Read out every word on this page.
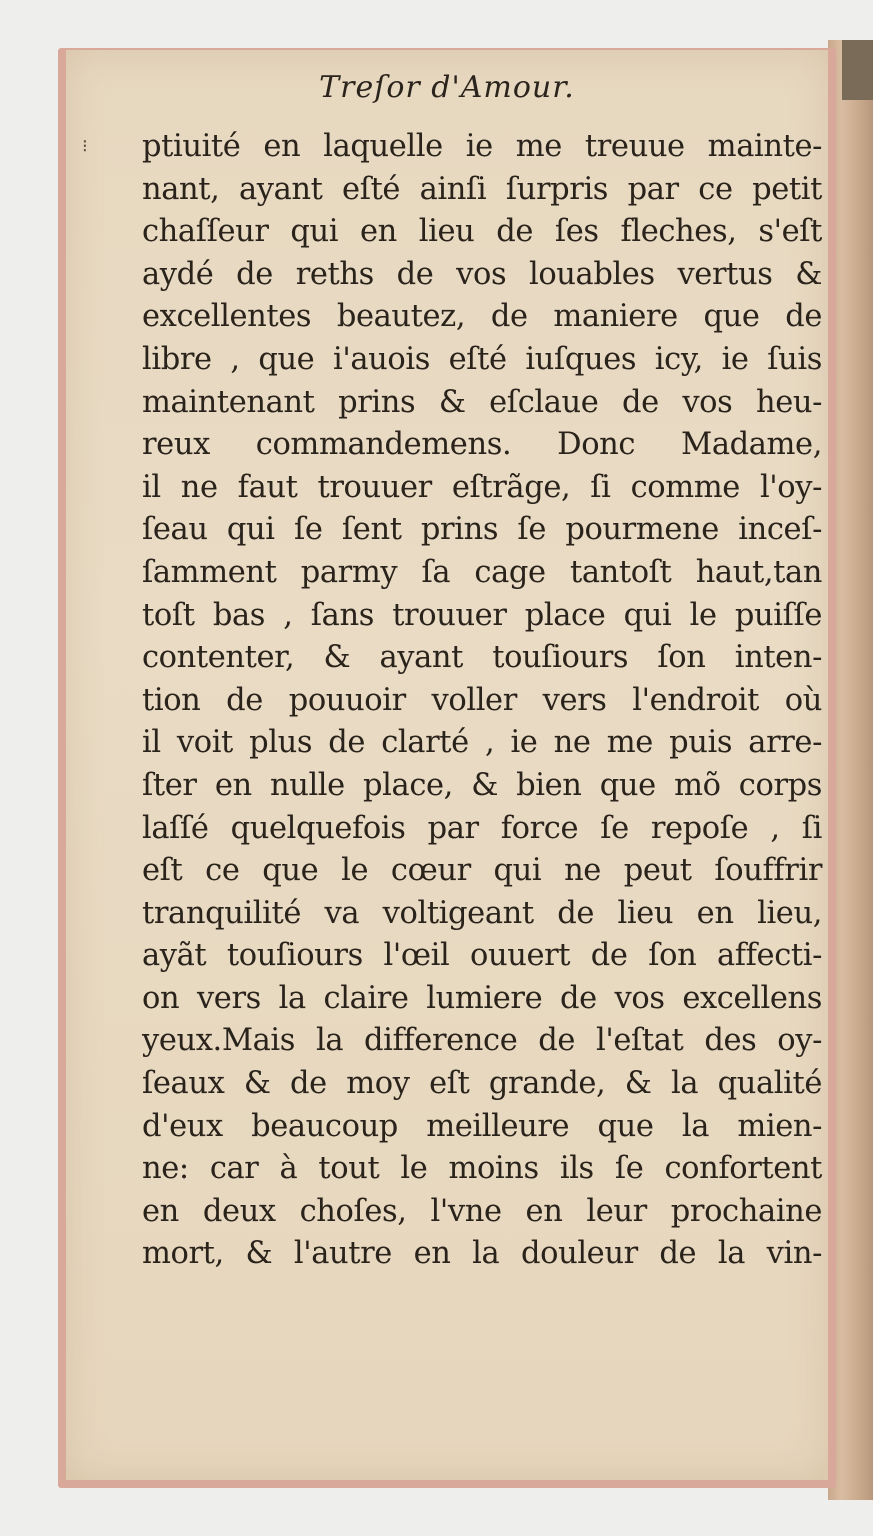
Treſor d'Amour.
⁝ ptiuité en laquelle ie me treuue mainte-
nant, ayant eſté ainſi ſurpris par ce petit
chaſſeur qui en lieu de ſes fleches, s'eſt
aydé de reths de vos louables vertus &
excellentes beautez, de maniere que de
libre , que i'auois eſté iuſques icy, ie ſuis
maintenant prins & eſclaue de vos heu-
reux commandemens. Donc Madame,
il ne faut trouuer eſtrãge, ſi comme l'oy-
ſeau qui ſe ſent prins ſe pourmene inceſ-
ſamment parmy ſa cage tantoſt haut,tan
toſt bas , ſans trouuer place qui le puiſſe
contenter, & ayant touſiours ſon inten-
tion de pouuoir voller vers l'endroit où
il voit plus de clarté , ie ne me puis arre-
ſter en nulle place, & bien que mõ corps
laſſé quelquefois par force ſe repoſe , ſi
eſt ce que le cœur qui ne peut ſouffrir
tranquilité va voltigeant de lieu en lieu,
ayãt touſiours l'œil ouuert de ſon affecti-
on vers la claire lumiere de vos excellens
yeux.Mais la difference de l'eſtat des oy-
ſeaux & de moy eſt grande, & la qualité
d'eux beaucoup meilleure que la mien-
ne: car à tout le moins ils ſe confortent
en deux choſes, l'vne en leur prochaine
mort, & l'autre en la douleur de la vin-
